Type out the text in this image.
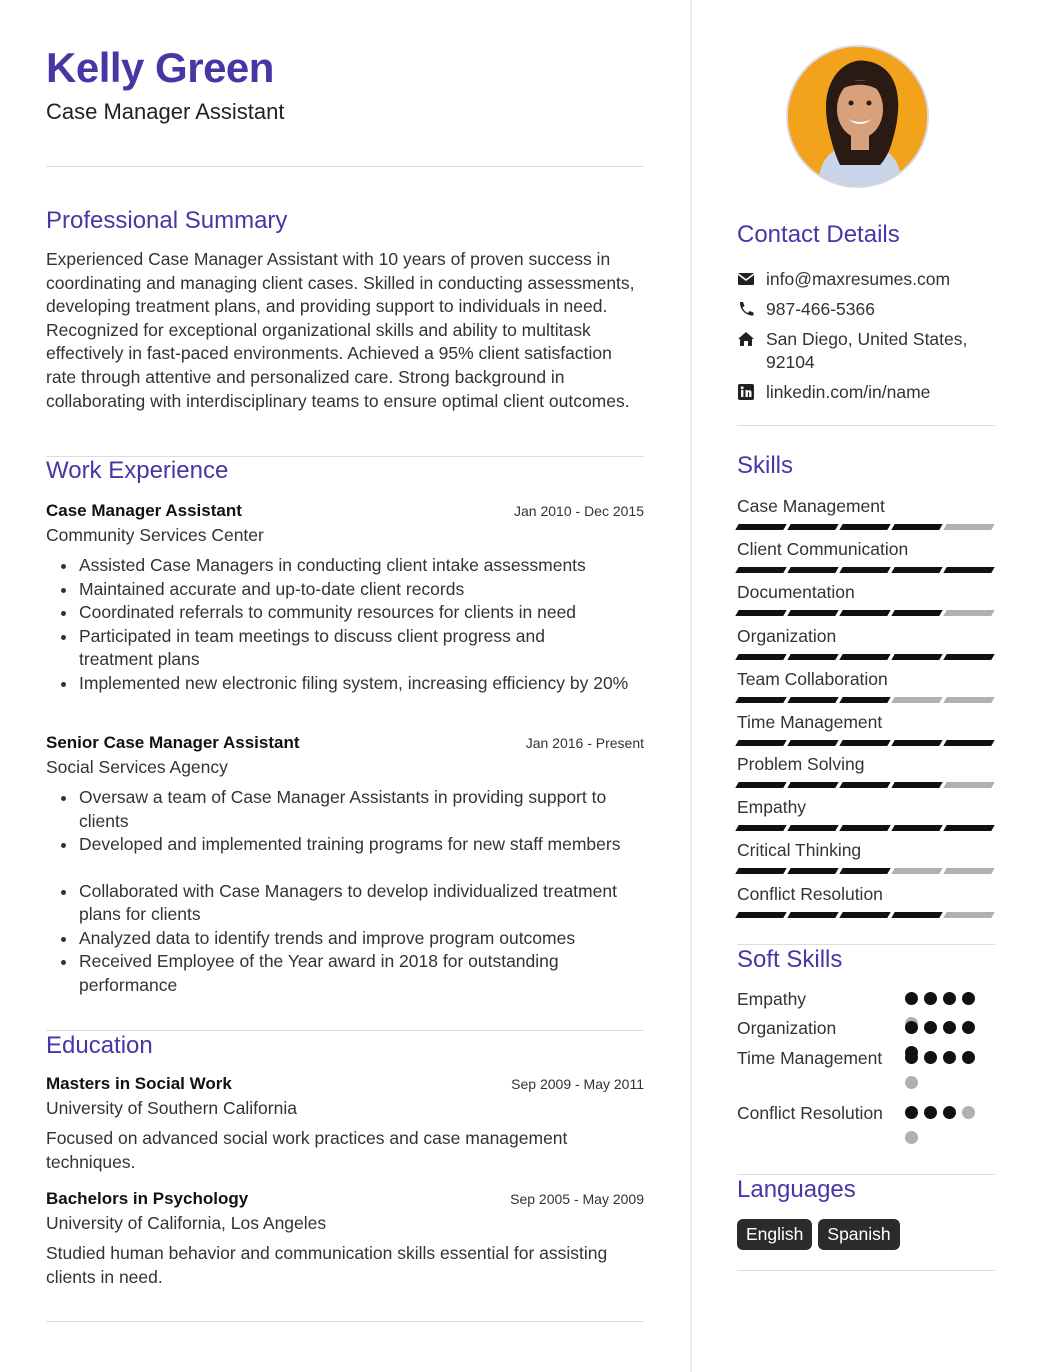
Kelly Green
Case Manager Assistant
Professional Summary
Experienced Case Manager Assistant with 10 years of proven success in coordinating and managing client cases. Skilled in conducting assessments, developing treatment plans, and providing support to individuals in need. Recognized for exceptional organizational skills and ability to multitask effectively in fast-paced environments. Achieved a 95% client satisfaction rate through attentive and personalized care. Strong background in collaborating with interdisciplinary teams to ensure optimal client outcomes.
Work Experience
Case Manager Assistant	Jan 2010 - Dec 2015
Community Services Center
Assisted Case Managers in conducting client intake assessments
Maintained accurate and up-to-date client records
Coordinated referrals to community resources for clients in need
Participated in team meetings to discuss client progress and treatment plans
Implemented new electronic filing system, increasing efficiency by 20%
Senior Case Manager Assistant	Jan 2016 - Present
Social Services Agency
Oversaw a team of Case Manager Assistants in providing support to clients
Developed and implemented training programs for new staff members
Collaborated with Case Managers to develop individualized treatment plans for clients
Analyzed data to identify trends and improve program outcomes
Received Employee of the Year award in 2018 for outstanding performance
Education
Masters in Social Work	Sep 2009 - May 2011
University of Southern California
Focused on advanced social work practices and case management techniques.
Bachelors in Psychology	Sep 2005 - May 2009
University of California, Los Angeles
Studied human behavior and communication skills essential for assisting clients in need.
Contact Details
info@maxresumes.com
987-466-5366
San Diego, United States, 92104
linkedin.com/in/name
Skills
Case Management
Client Communication
Documentation
Organization
Team Collaboration
Time Management
Problem Solving
Empathy
Critical Thinking
Conflict Resolution
Soft Skills
Empathy
Organization
Time Management
Conflict Resolution
Languages
English	Spanish
